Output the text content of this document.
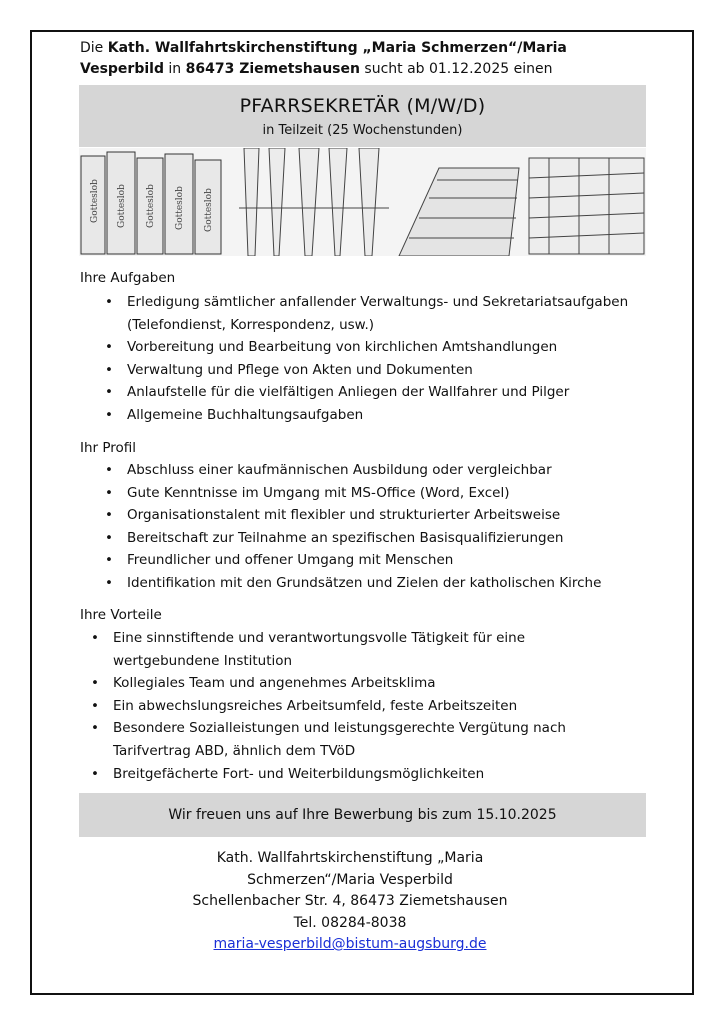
Die Kath. Wallfahrtskirchenstiftung „Maria Schmerzen“/Maria Vesperbild in 86473 Ziemetshausen sucht ab 01.12.2025 einen
PFARRSEKRETÄR (M/W/D)
in Teilzeit (25 Wochenstunden)
Gotteslob Gotteslob Gotteslob Gotteslob Gotteslob
Ihre Aufgaben
• Erledigung sämtlicher anfallender Verwaltungs- und Sekretariatsaufgaben (Telefondienst, Korrespondenz, usw.)
• Vorbereitung und Bearbeitung von kirchlichen Amtshandlungen
• Verwaltung und Pflege von Akten und Dokumenten
• Anlaufstelle für die vielfältigen Anliegen der Wallfahrer und Pilger
• Allgemeine Buchhaltungsaufgaben
Ihr Profil
• Abschluss einer kaufmännischen Ausbildung oder vergleichbar
• Gute Kenntnisse im Umgang mit MS-Office (Word, Excel)
• Organisationstalent mit flexibler und strukturierter Arbeitsweise
• Bereitschaft zur Teilnahme an spezifischen Basisqualifizierungen
• Freundlicher und offener Umgang mit Menschen
• Identifikation mit den Grundsätzen und Zielen der katholischen Kirche
Ihre Vorteile
• Eine sinnstiftende und verantwortungsvolle Tätigkeit für eine wertgebundene Institution
• Kollegiales Team und angenehmes Arbeitsklima
• Ein abwechslungsreiches Arbeitsumfeld, feste Arbeitszeiten
• Besondere Sozialleistungen und leistungsgerechte Vergütung nach Tarifvertrag ABD, ähnlich dem TVöD
• Breitgefächerte Fort- und Weiterbildungsmöglichkeiten
Wir freuen uns auf Ihre Bewerbung bis zum 15.10.2025
Kath. Wallfahrtskirchenstiftung „Maria
Schmerzen“/Maria Vesperbild
Schellenbacher Str. 4, 86473 Ziemetshausen
Tel. 08284-8038
maria-vesperbild@bistum-augsburg.de
